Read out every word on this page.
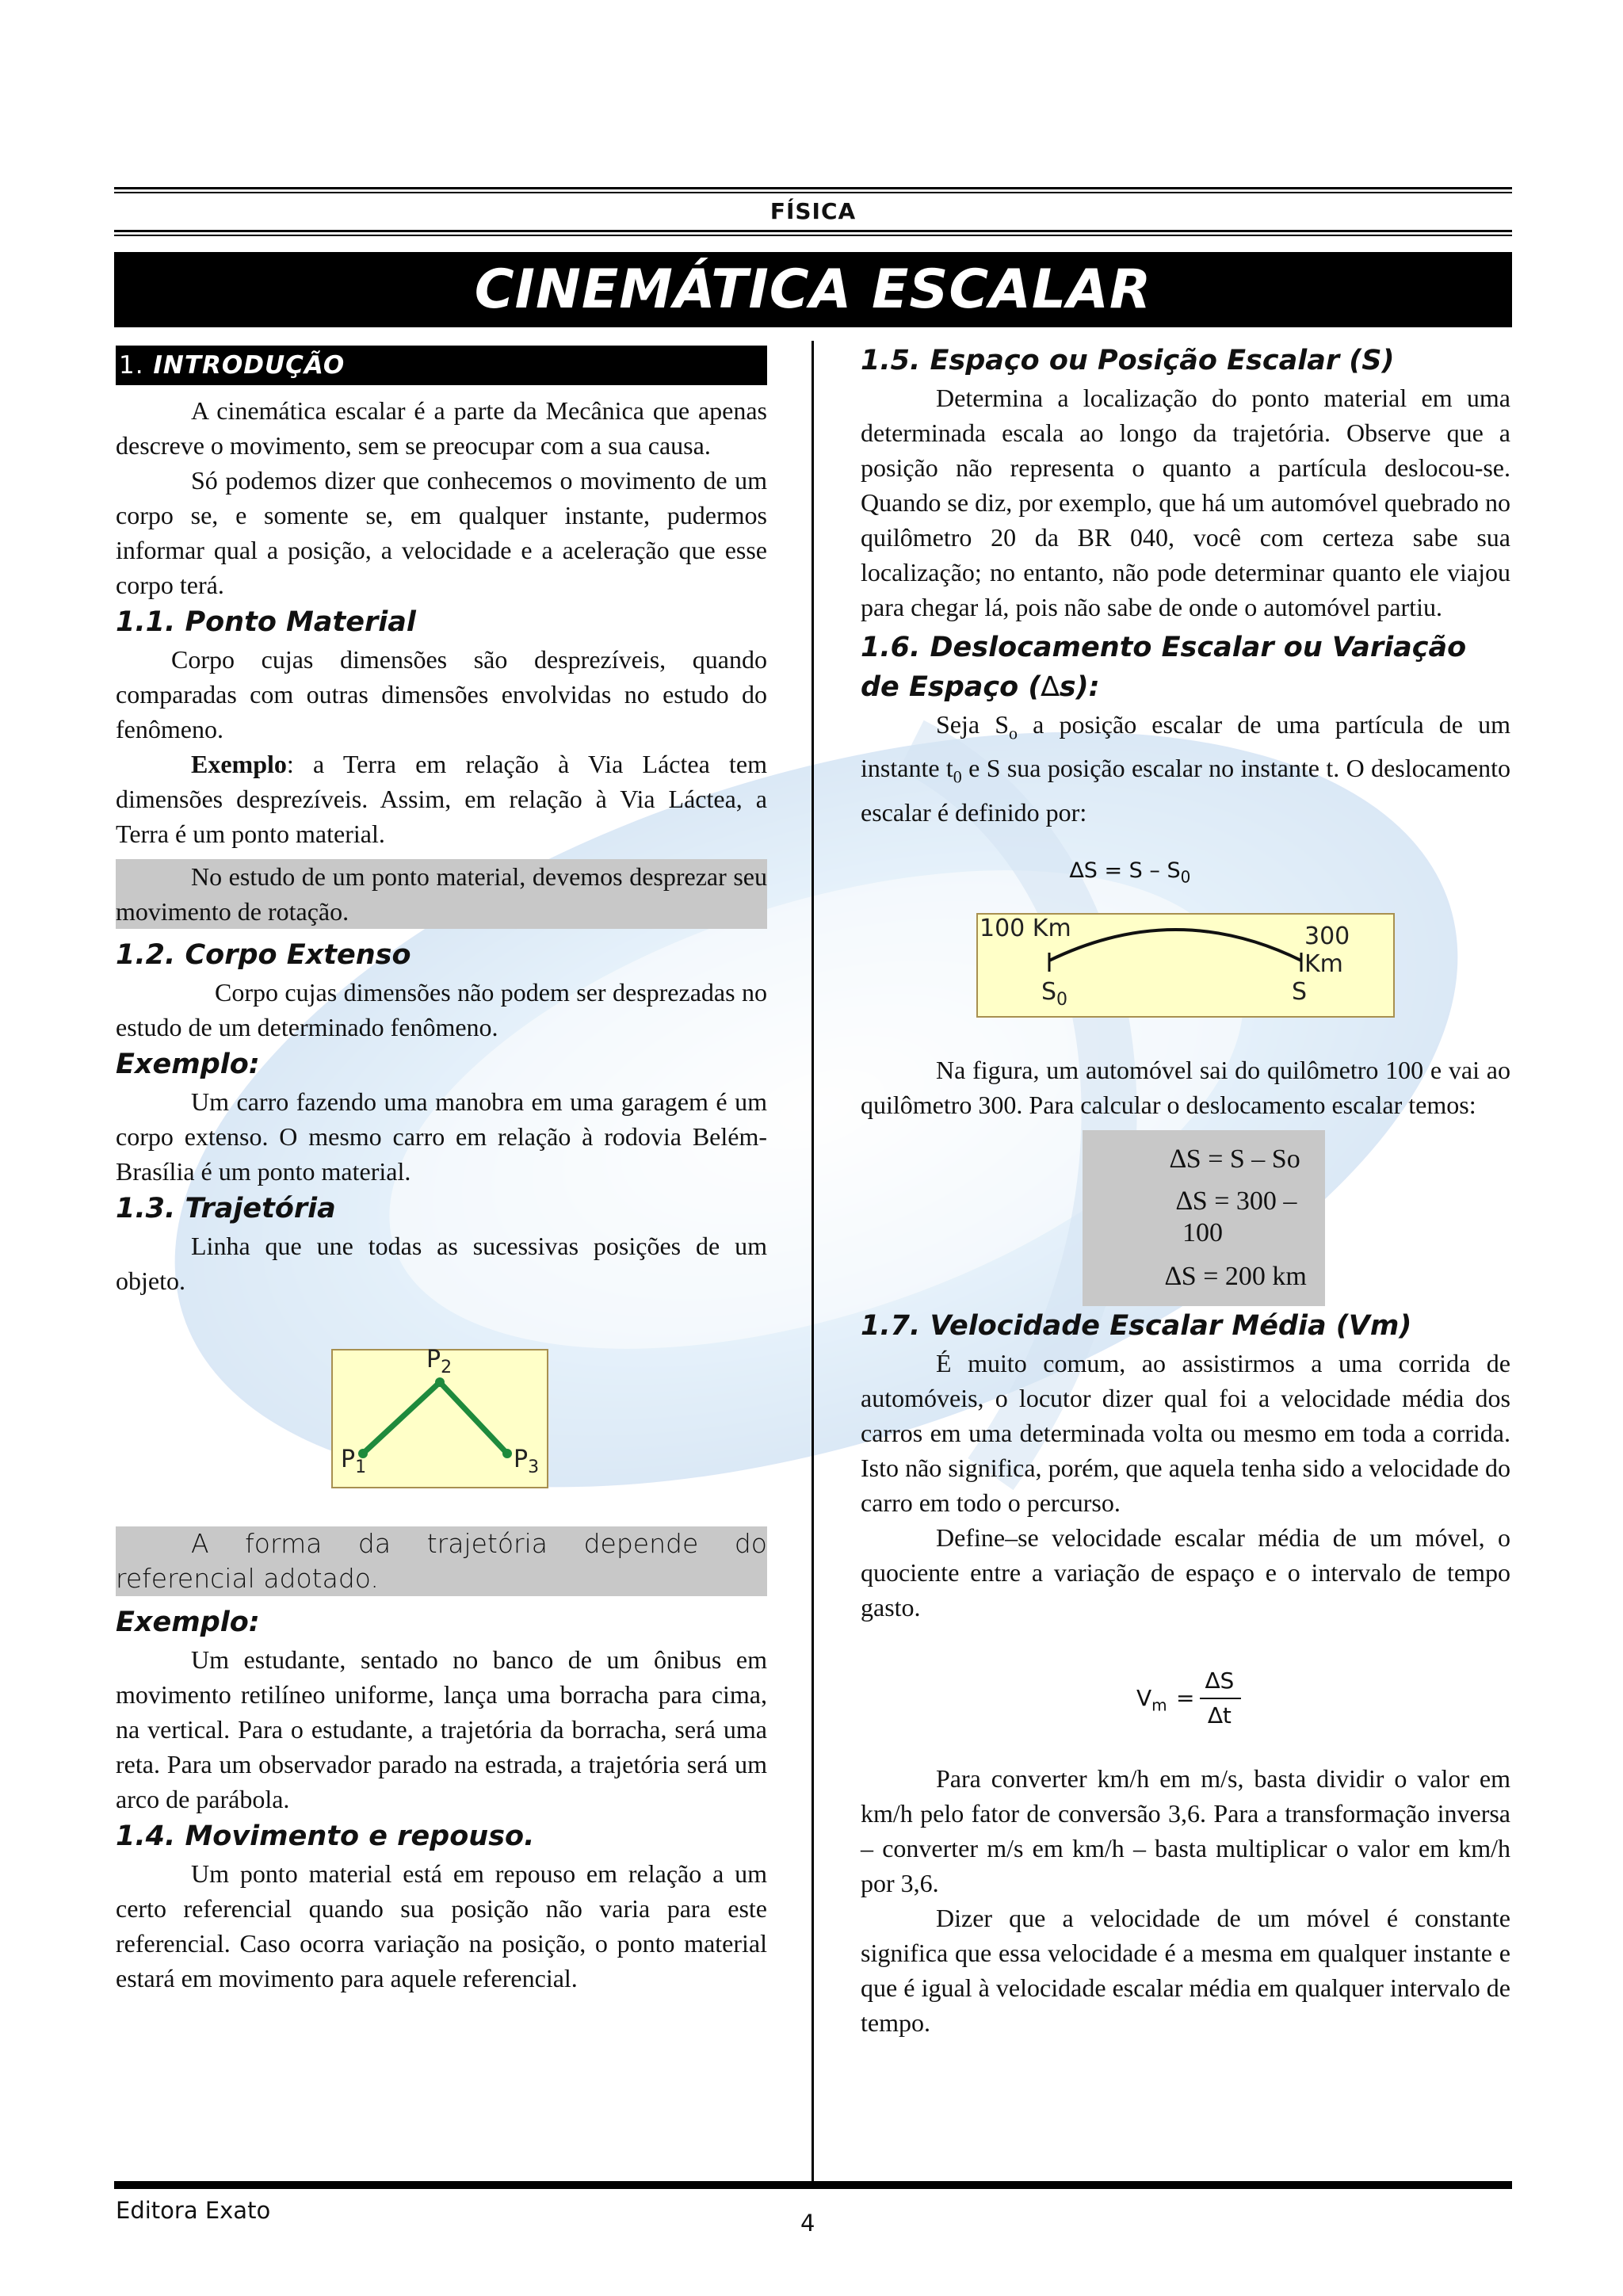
FÍSICA
CINEMÁTICA ESCALAR
1. INTRODUÇÃO

A cinemática escalar é a parte da Mecânica que apenas descreve o movimento, sem se preocupar com a sua causa.

Só podemos dizer que conhecemos o movimento de um corpo se, e somente se, em qualquer instante, pudermos informar qual a posição, a velocidade e a aceleração que esse corpo terá.

1.1. Ponto Material

Corpo cujas dimensões são desprezíveis, quando comparadas com outras dimensões envolvidas no estudo do fenômeno.

Exemplo: a Terra em relação à Via Láctea tem dimensões desprezíveis. Assim, em relação à Via Láctea, a Terra é um ponto material.

No estudo de um ponto material, devemos desprezar seu movimento de rotação.

1.2. Corpo Extenso

Corpo cujas dimensões não podem ser desprezadas no estudo de um determinado fenômeno.

Exemplo:

Um carro fazendo uma manobra em uma garagem é um corpo extenso. O mesmo carro em relação à rodovia Belém-Brasília é um ponto material.

1.3. Trajetória

Linha que une todas as sucessivas posições de um objeto.

$P_2$
$P_1$	$P_3$

A forma da trajetória depende do referencial adotado.

Exemplo:

Um estudante, sentado no banco de um ônibus em movimento retilíneo uniforme, lança uma borracha para cima, na vertical. Para o estudante, a trajetória da borracha, será uma reta. Para um observador parado na estrada, a trajetória será um arco de parábola.

1.4. Movimento e repouso.

Um ponto material está em repouso em relação a um certo referencial quando sua posição não varia para este referencial. Caso ocorra variação na posição, o ponto material estará em movimento para aquele referencial.

1.5. Espaço ou Posição Escalar (S)

Determina a localização do ponto material em uma determinada escala ao longo da trajetória. Observe que a posição não representa o quanto a partícula deslocou-se. Quando se diz, por exemplo, que há um automóvel quebrado no quilômetro 20 da BR 040, você com certeza sabe sua localização; no entanto, não pode determinar quanto ele viajou para chegar lá, pois não sabe de onde o automóvel partiu.

1.6. Deslocamento Escalar ou Variação
de Espaço (∆s):

Seja $S_o$ a posição escalar de uma partícula de um instante $t_0$ e S sua posição escalar no instante t. O deslocamento escalar é definido por:

$\Delta S = S - S_0$
100 Km	300 Km
$S_0$	S

Na figura, um automóvel sai do quilômetro 100 e vai ao quilômetro 300. Para calcular o deslocamento escalar temos:

∆S = S – So

∆S = 300 –

100

∆S = 200 km

1.7. Velocidade Escalar Média (Vm)

É muito comum, ao assistirmos a uma corrida de automóveis, o locutor dizer qual foi a velocidade média dos carros em uma determinada volta ou mesmo em toda a corrida. Isto não significa, porém, que aquela tenha sido a velocidade do carro em todo o percurso.

Define–se velocidade escalar média de um móvel, o quociente entre a variação de espaço e o intervalo de tempo gasto.

$V_m$ =
∆S
∆t

Para converter km/h em m/s, basta dividir o valor em km/h pelo fator de conversão 3,6. Para a transformação inversa – converter m/s em km/h – basta multiplicar o valor em km/h por 3,6.

Dizer que a velocidade de um móvel é constante significa que essa velocidade é a mesma em qualquer instante e que é igual à velocidade escalar média em qualquer intervalo de tempo.

Editora Exato	4
